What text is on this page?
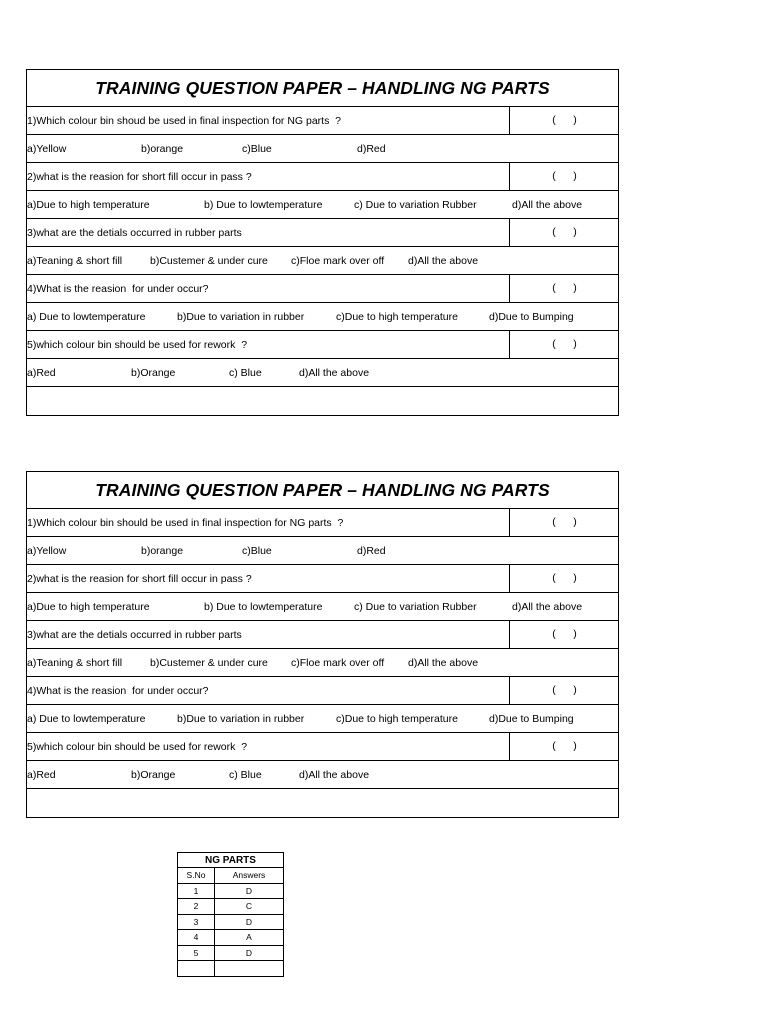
TRAINING QUESTION PAPER – HANDLING NG PARTS
1)Which colour bin shoud be used in final inspection for NG parts  ?	(      )
a)Yellow	b)orange	c)Blue	d)Red
2)what is the reasion for short fill occur in pass ?	(      )
a)Due to high temperature	b) Due to lowtemperature	c) Due to variation Rubber	d)All the above
3)what are the detials occurred in rubber parts	(      )
a)Teaning & short fill	b)Custemer & under cure c)Floe mark over off d)All the above
4)What is the reasion  for under occur?	(      )
a) Due to lowtemperature	b)Due to variation in rubber	c)Due to high temperature	d)Due to Bumping
5)which colour bin should be used for rework  ?	(      )
a)Red	b)Orange	c) Blue	d)All the above
TRAINING QUESTION PAPER – HANDLING NG PARTS
1)Which colour bin should be used in final inspection for NG parts  ?	(      )
a)Yellow	b)orange	c)Blue	d)Red
2)what is the reasion for short fill occur in pass ?	(      )
a)Due to high temperature	b) Due to lowtemperature	c) Due to variation Rubber	d)All the above
3)what are the detials occurred in rubber parts	(      )
a)Teaning & short fill	b)Custemer & under cure c)Floe mark over off d)All the above
4)What is the reasion  for under occur?	(      )
a) Due to lowtemperature	b)Due to variation in rubber	c)Due to high temperature	d)Due to Bumping
5)which colour bin should be used for rework  ?	(      )
a)Red	b)Orange	c) Blue	d)All the above
NG PARTS	
S.No	Answers
1	D
2	C
3	D
4	A
5	D
